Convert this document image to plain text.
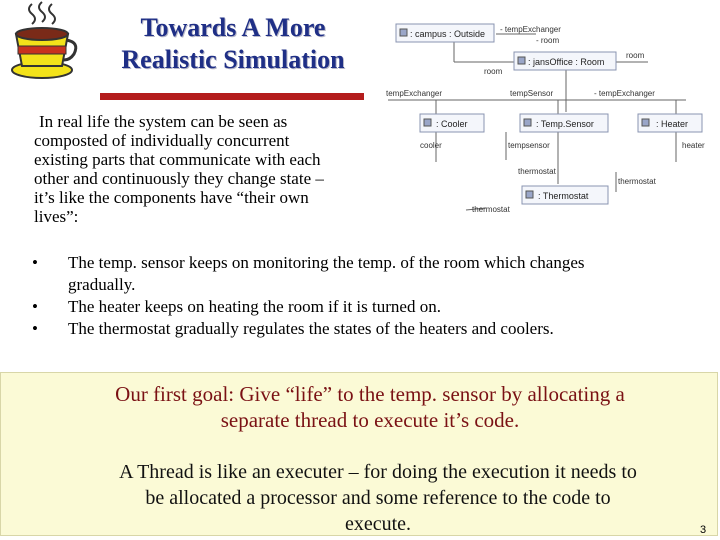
Towards A More
Realistic Simulation
In real life the system can be seen as
composted of individually concurrent
existing parts that communicate with each
other and continuously they change state –
it’s like the components have “their own
lives”:
: campus : Outside
: jansOffice : Room
: Cooler	: Temp.Sensor	: Heater
: Thermostat
- tempExchanger
- room
room
room
tempExchanger	tempSensor	- tempExchanger
cooler	tempsensor	heater
thermostat
thermostat
thermostat
• The temp. sensor keeps on monitoring the temp. of the room which changes
gradually.
• The heater keeps on heating the room if it is turned on.
• The thermostat gradually regulates the states of the heaters and coolers.
Our first goal: Give “life” to the temp. sensor by allocating a
separate thread to execute it’s code.
A Thread is like an executer – for doing the execution it needs to
be allocated a processor and some reference to the code to
execute.	3
